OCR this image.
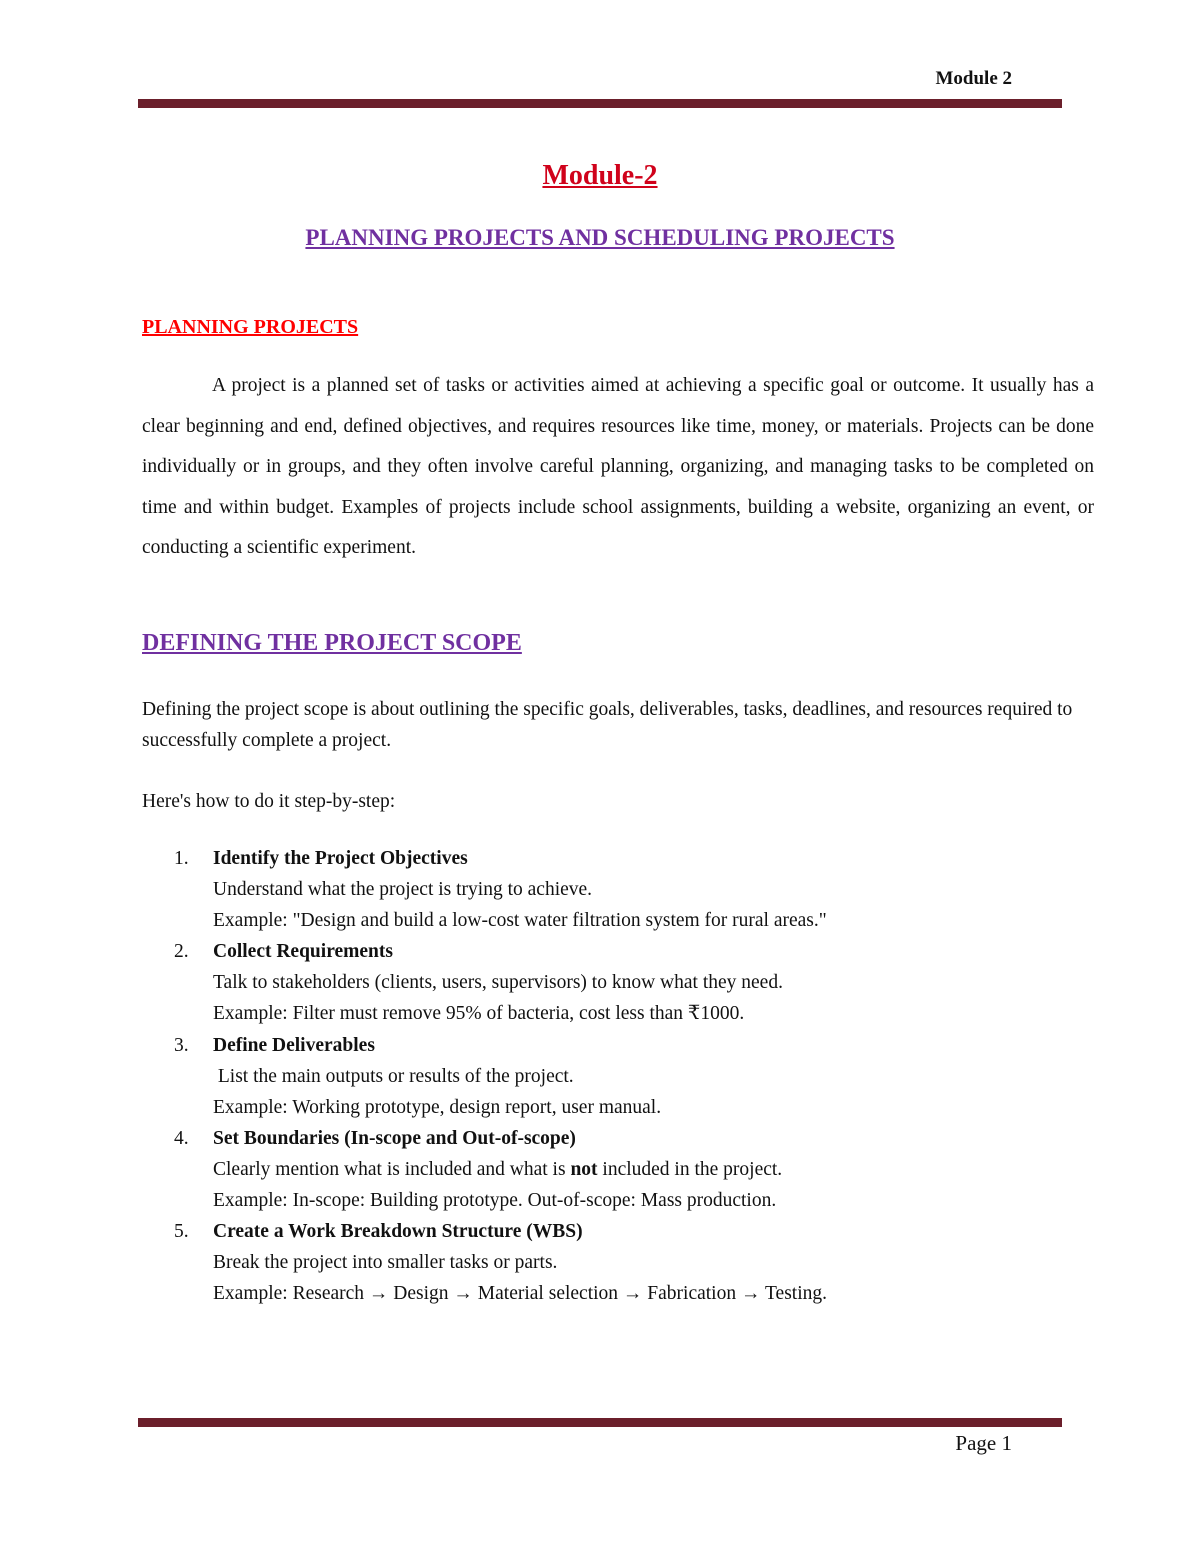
Module 2
Module-2
PLANNING PROJECTS AND SCHEDULING PROJECTS
PLANNING PROJECTS

A project is a planned set of tasks or activities aimed at achieving a specific goal or outcome. It usually has a clear beginning and end, defined objectives, and requires resources like time, money, or materials. Projects can be done individually or in groups, and they often involve careful planning, organizing, and managing tasks to be completed on time and within budget. Examples of projects include school assignments, building a website, organizing an event, or conducting a scientific experiment.

DEFINING THE PROJECT SCOPE

Defining the project scope is about outlining the specific goals, deliverables, tasks, deadlines, and resources required to successfully complete a project.

Here's how to do it step-by-step:

1. Identify the Project Objectives
Understand what the project is trying to achieve.
Example: "Design and build a low-cost water filtration system for rural areas."
2. Collect Requirements
Talk to stakeholders (clients, users, supervisors) to know what they need.
Example: Filter must remove 95% of bacteria, cost less than ₹1000.
3. Define Deliverables
List the main outputs or results of the project.
Example: Working prototype, design report, user manual.
4. Set Boundaries (In-scope and Out-of-scope)
Clearly mention what is included and what is not included in the project.
Example: In-scope: Building prototype. Out-of-scope: Mass production.
5. Create a Work Breakdown Structure (WBS)
Break the project into smaller tasks or parts.
Example: Research → Design → Material selection → Fabrication → Testing.
Page 1
